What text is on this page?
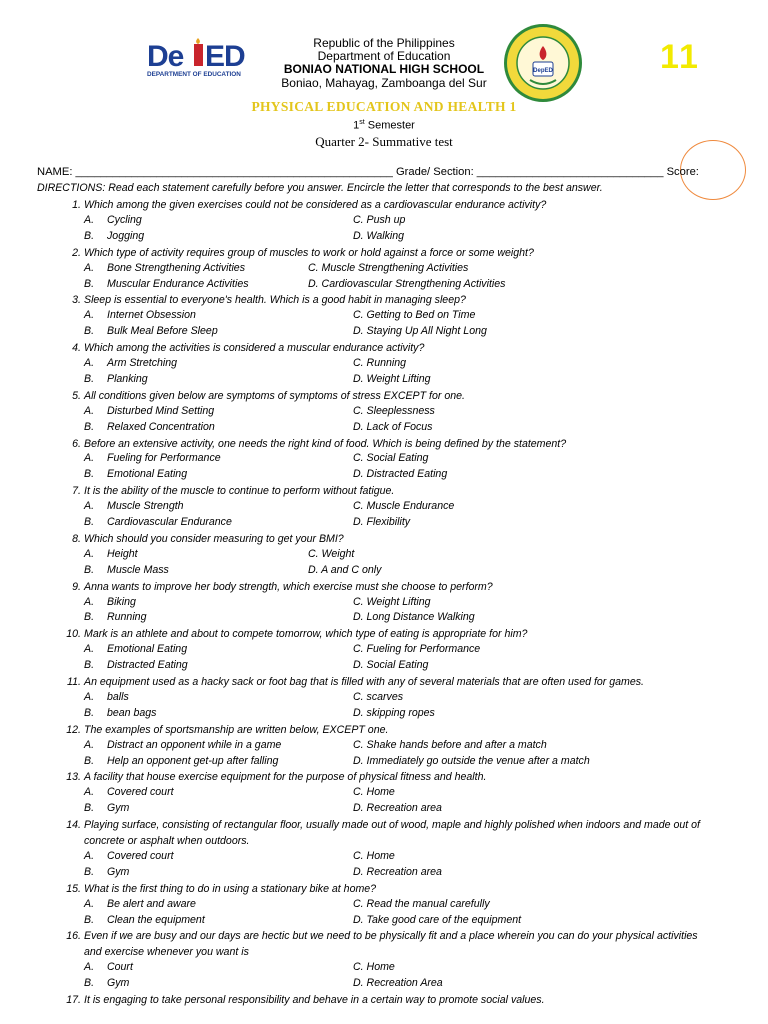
De ED
DEPARTMENT OF EDUCATION	DepED	11
Republic of the Philippines
Department of Education
BONIAO NATIONAL HIGH SCHOOL
Boniao, Mahayag, Zamboanga del Sur
PHYSICAL EDUCATION AND HEALTH 1
1st Semester
Quarter 2- Summative test
NAME: ___________________________________________________ Grade/ Section: ______________________________ Score:
DIRECTIONS: Read each statement carefully before you answer. Encircle the letter that corresponds to the best answer.
1. Which among the given exercises could not be considered as a cardiovascular endurance activity?
A. Cycling	C. Push up
B. Jogging	D. Walking
2. Which type of activity requires group of muscles to work or hold against a force or some weight?
A. Bone Strengthening Activities	C. Muscle Strengthening Activities
B. Muscular Endurance Activities	D. Cardiovascular Strengthening Activities
3. Sleep is essential to everyone's health. Which is a good habit in managing sleep?
A. Internet Obsession	C. Getting to Bed on Time
B. Bulk Meal Before Sleep	D. Staying Up All Night Long
4. Which among the activities is considered a muscular endurance activity?
A. Arm Stretching	C. Running
B. Planking	D. Weight Lifting
5. All conditions given below are symptoms of symptoms of stress EXCEPT for one.
A. Disturbed Mind Setting	C. Sleeplessness
B. Relaxed Concentration	D. Lack of Focus
6. Before an extensive activity, one needs the right kind of food. Which is being defined by the statement?
A. Fueling for Performance	C. Social Eating
B. Emotional Eating	D. Distracted Eating
7. It is the ability of the muscle to continue to perform without fatigue.
A. Muscle Strength	C. Muscle Endurance
B. Cardiovascular Endurance	D. Flexibility
8. Which should you consider measuring to get your BMI?
A. Height	C. Weight
B. Muscle Mass	D. A and C only
9. Anna wants to improve her body strength, which exercise must she choose to perform?
A. Biking	C. Weight Lifting
B. Running	D. Long Distance Walking
10. Mark is an athlete and about to compete tomorrow, which type of eating is appropriate for him?
A. Emotional Eating	C. Fueling for Performance
B. Distracted Eating	D. Social Eating
11. An equipment used as a hacky sack or foot bag that is filled with any of several materials that are often used for games.
A. balls	C. scarves
B. bean bags	D. skipping ropes
12. The examples of sportsmanship are written below, EXCEPT one.
A. Distract an opponent while in a game	C. Shake hands before and after a match
B. Help an opponent get-up after falling	D. Immediately go outside the venue after a match
13. A facility that house exercise equipment for the purpose of physical fitness and health.
A. Covered court	C. Home
B. Gym	D. Recreation area
14. Playing surface, consisting of rectangular floor, usually made out of wood, maple and highly polished when indoors and made out of
concrete or asphalt when outdoors.
A. Covered court	C. Home
B. Gym	D. Recreation area
15. What is the first thing to do in using a stationary bike at home?
A. Be alert and aware	C. Read the manual carefully
B. Clean the equipment	D. Take good care of the equipment
16. Even if we are busy and our days are hectic but we need to be physically fit and a place wherein you can do your physical activities
and exercise whenever you want is
A. Court	C. Home
B. Gym	D. Recreation Area
17. It is engaging to take personal responsibility and behave in a certain way to promote social values.
